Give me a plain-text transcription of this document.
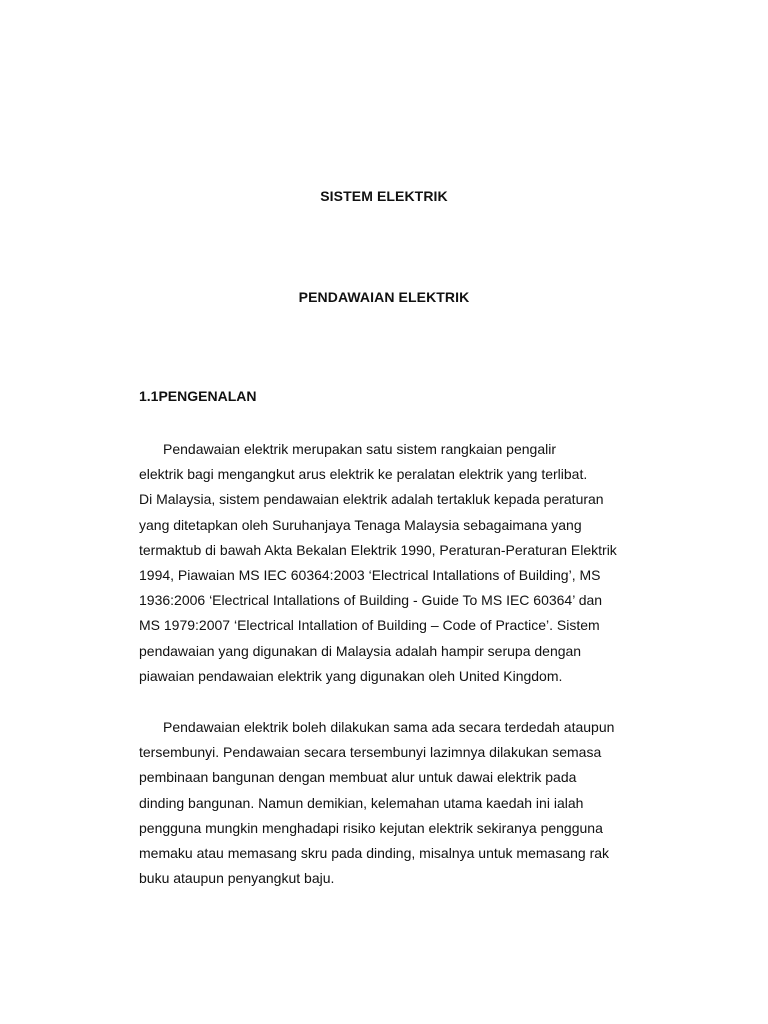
SISTEM ELEKTRIK
PENDAWAIAN ELEKTRIK
1.1PENGENALAN

Pendawaian elektrik merupakan satu sistem rangkaian pengalir
elektrik bagi mengangkut arus elektrik ke peralatan elektrik yang terlibat.
Di Malaysia, sistem pendawaian elektrik adalah tertakluk kepada peraturan
yang ditetapkan oleh Suruhanjaya Tenaga Malaysia sebagaimana yang
termaktub di bawah Akta Bekalan Elektrik 1990, Peraturan-Peraturan Elektrik
1994, Piawaian MS IEC 60364:2003 ‘Electrical Intallations of Building’, MS
1936:2006 ‘Electrical Intallations of Building - Guide To MS IEC 60364’ dan
MS 1979:2007 ‘Electrical Intallation of Building – Code of Practice’. Sistem
pendawaian yang digunakan di Malaysia adalah hampir serupa dengan
piawaian pendawaian elektrik yang digunakan oleh United Kingdom.

Pendawaian elektrik boleh dilakukan sama ada secara terdedah ataupun
tersembunyi. Pendawaian secara tersembunyi lazimnya dilakukan semasa
pembinaan bangunan dengan membuat alur untuk dawai elektrik pada
dinding bangunan. Namun demikian, kelemahan utama kaedah ini ialah
pengguna mungkin menghadapi risiko kejutan elektrik sekiranya pengguna
memaku atau memasang skru pada dinding, misalnya untuk memasang rak
buku ataupun penyangkut baju.
